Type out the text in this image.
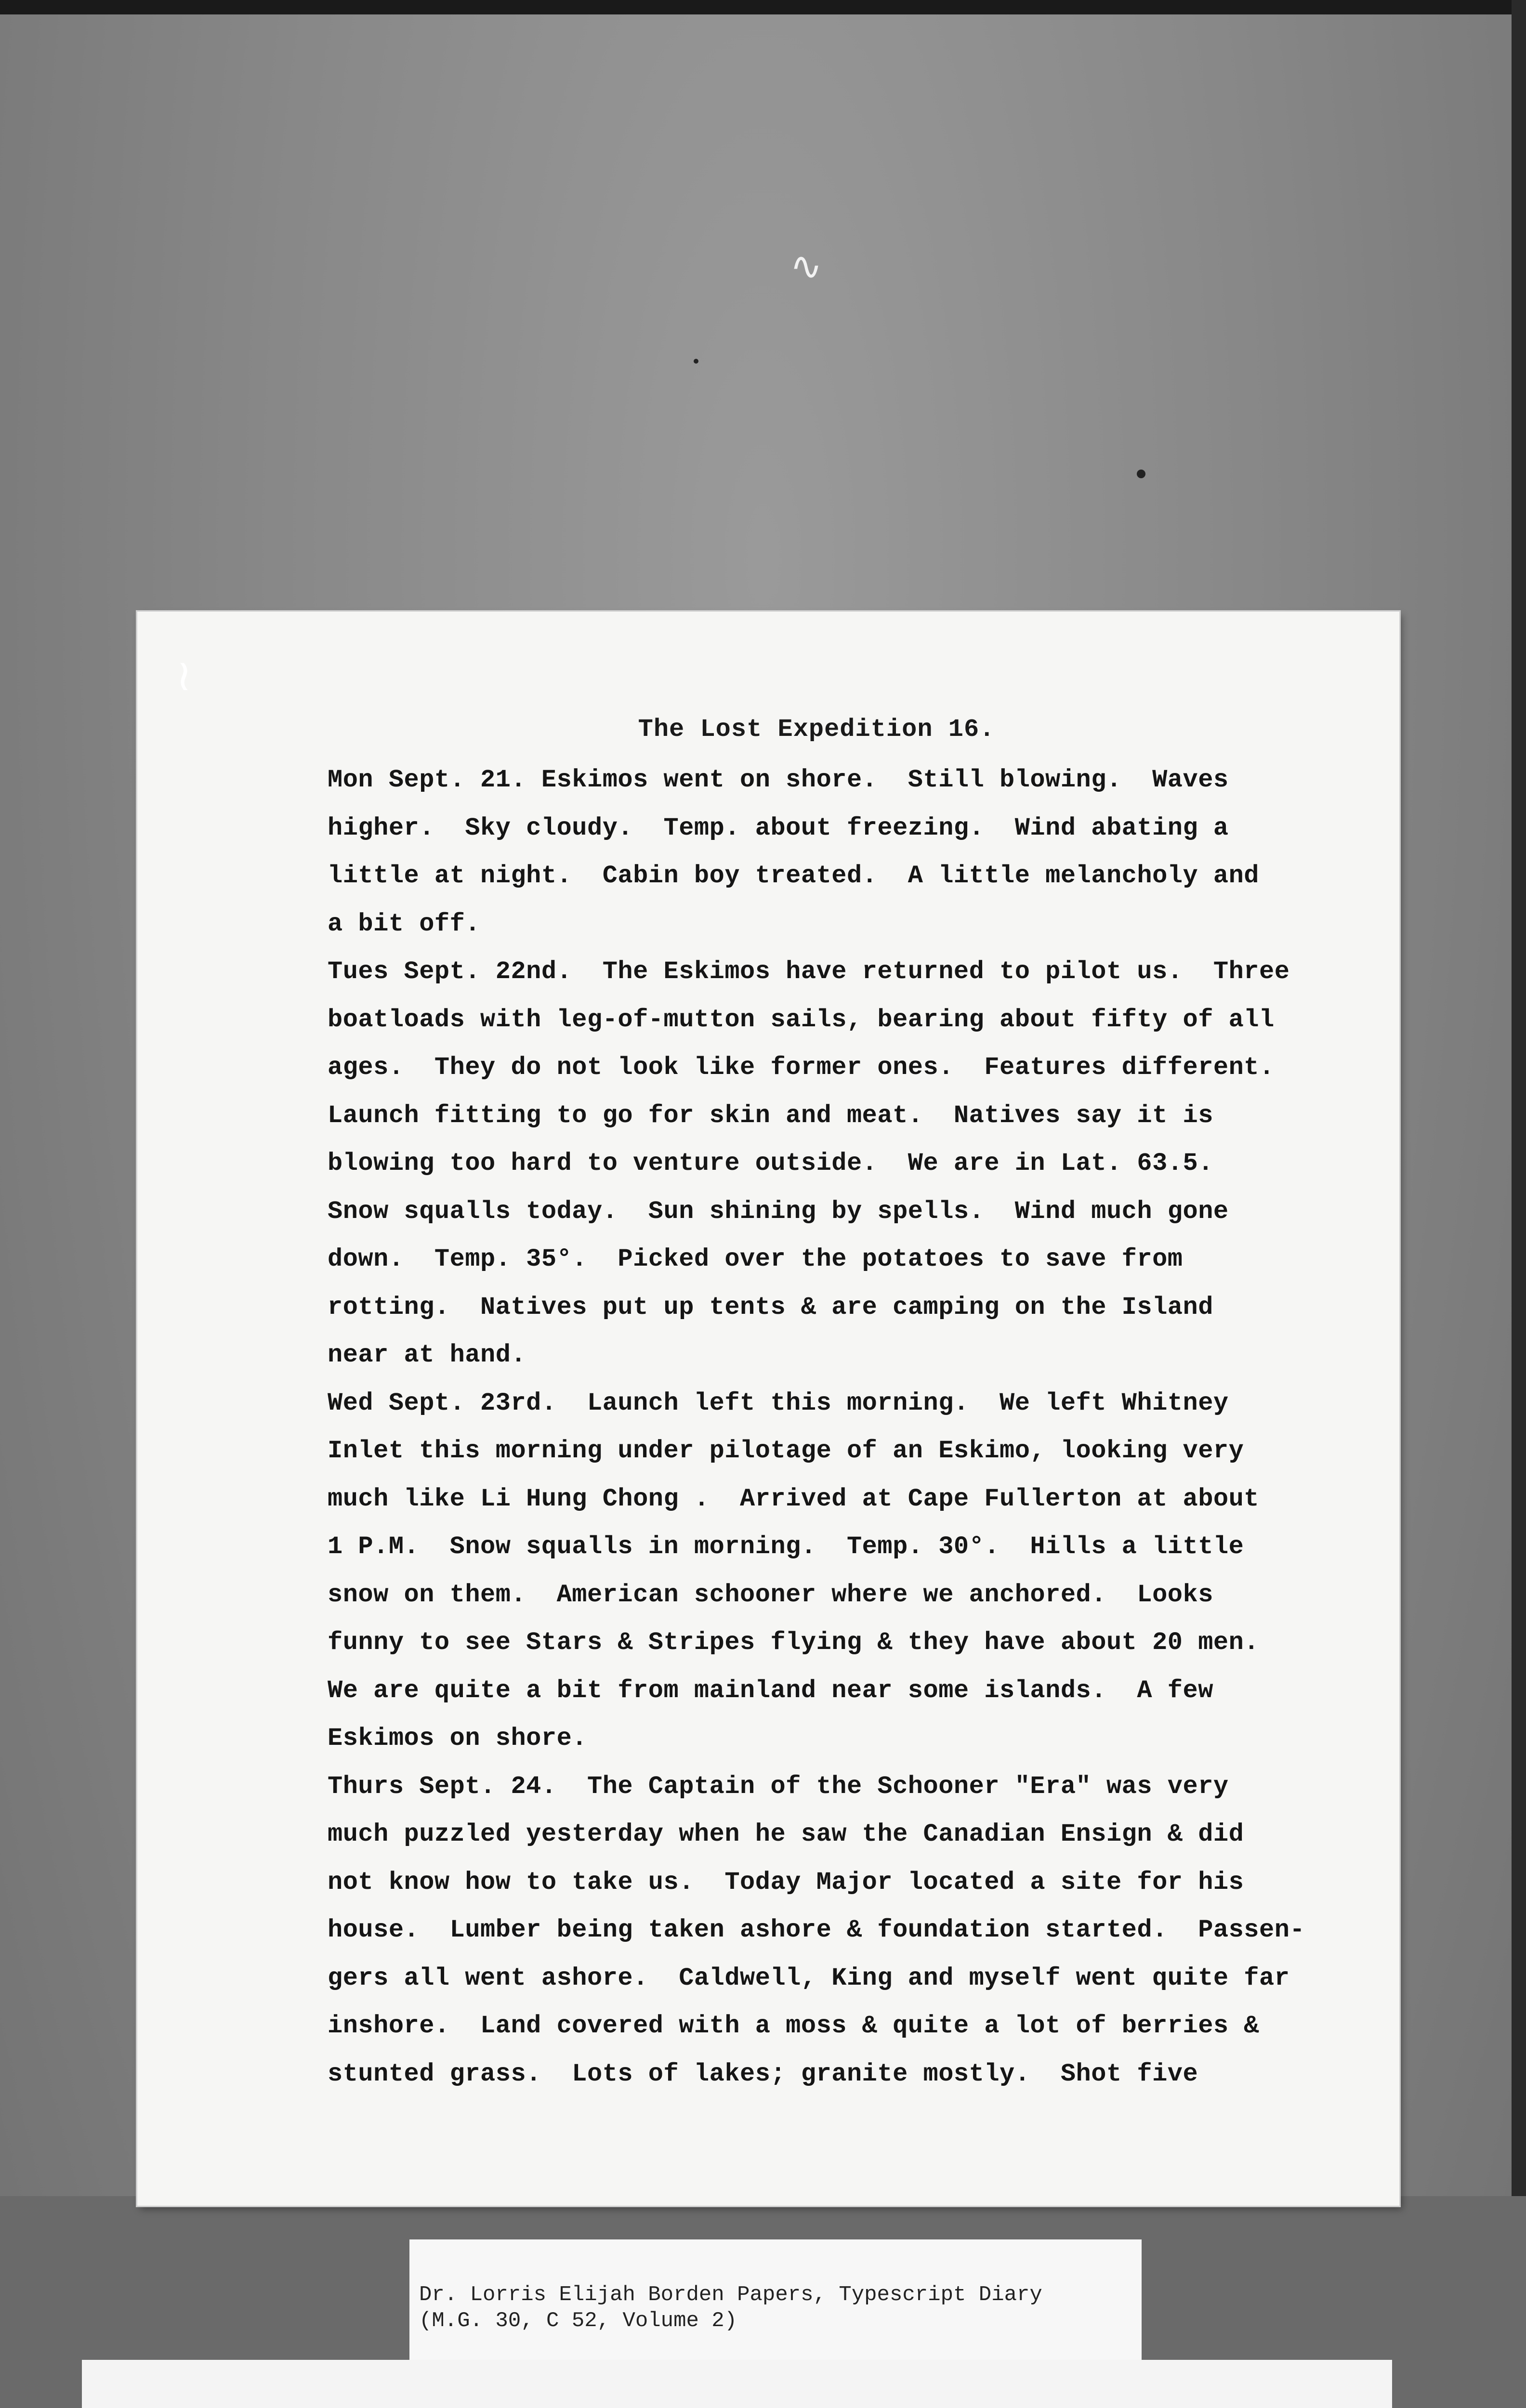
∿
≀
The Lost Expedition 16.
Mon Sept. 21. Eskimos went on shore.  Still blowing.  Waves
higher.  Sky cloudy.  Temp. about freezing.  Wind abating a
little at night.  Cabin boy treated.  A little melancholy and
a bit off.
Tues Sept. 22nd.  The Eskimos have returned to pilot us.  Three
boatloads with leg-of-mutton sails, bearing about fifty of all
ages.  They do not look like former ones.  Features different.
Launch fitting to go for skin and meat.  Natives say it is
blowing too hard to venture outside.  We are in Lat. 63.5.
Snow squalls today.  Sun shining by spells.  Wind much gone
down.  Temp. 35°.  Picked over the potatoes to save from
rotting.  Natives put up tents & are camping on the Island
near at hand.
Wed Sept. 23rd.  Launch left this morning.  We left Whitney
Inlet this morning under pilotage of an Eskimo, looking very
much like Li Hung Chong .  Arrived at Cape Fullerton at about
1 P.M.  Snow squalls in morning.  Temp. 30°.  Hills a little
snow on them.  American schooner where we anchored.  Looks
funny to see Stars & Stripes flying & they have about 20 men.
We are quite a bit from mainland near some islands.  A few
Eskimos on shore.
Thurs Sept. 24.  The Captain of the Schooner "Era" was very
much puzzled yesterday when he saw the Canadian Ensign & did
not know how to take us.  Today Major located a site for his
house.  Lumber being taken ashore & foundation started.  Passen-
gers all went ashore.  Caldwell, King and myself went quite far
inshore.  Land covered with a moss & quite a lot of berries &
stunted grass.  Lots of lakes; granite mostly.  Shot five
Dr. Lorris Elijah Borden Papers, Typescript Diary
(M.G. 30, C 52, Volume 2)
